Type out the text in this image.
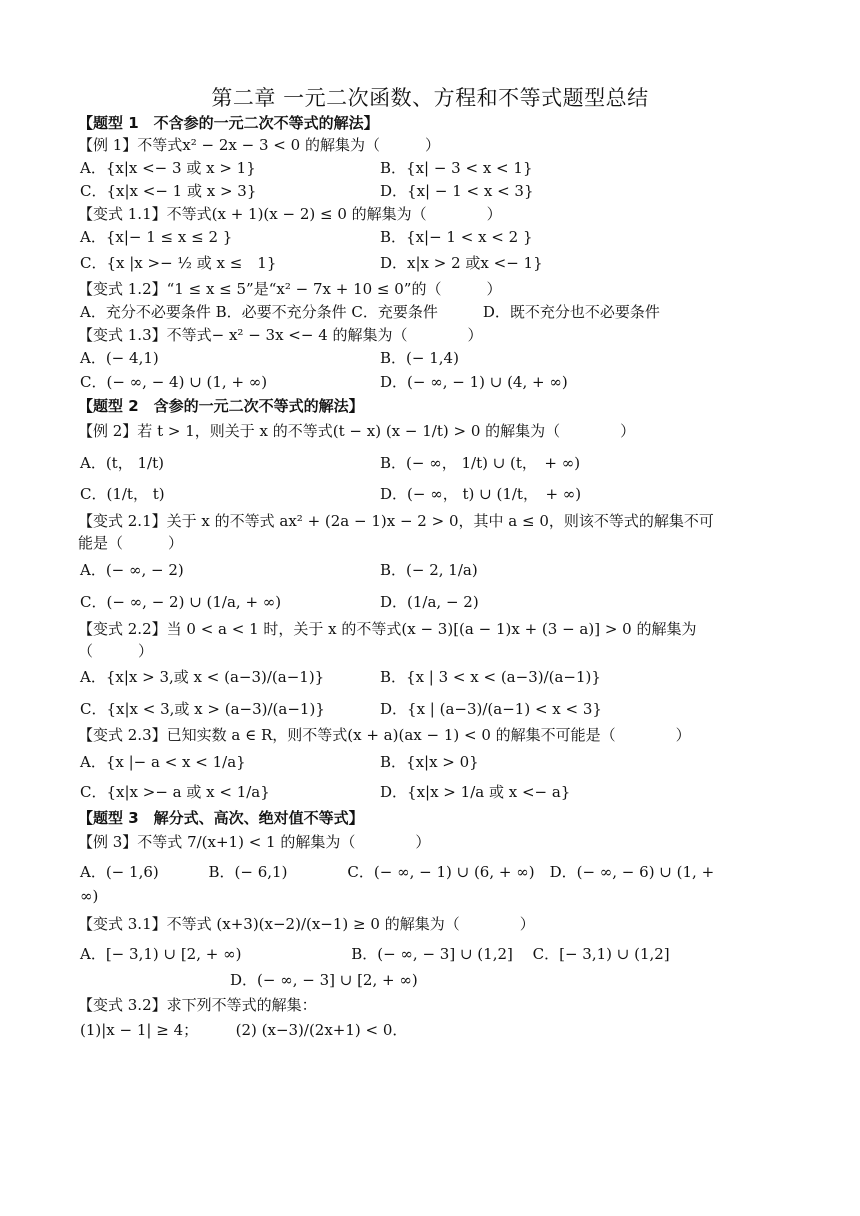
第二章 一元二次函数、方程和不等式题型总结
【题型 1　不含参的一元二次不等式的解法】
【例 1】不等式x² − 2x − 3 < 0 的解集为（　　　）
A．{x|x <− 3 或 x > 1}	B．{x| − 3 < x < 1}
C．{x|x <− 1 或 x > 3}	D．{x| − 1 < x < 3}
【变式 1.1】不等式(x + 1)(x − 2) ≤ 0 的解集为（　　　　）
A．{x|− 1 ≤ x ≤ 2 }	B．{x|− 1 < x < 2 }
C．{x |x >− ½ 或 x ≤　1}	D．x|x > 2 或x <− 1}
【变式 1.2】“1 ≤ x ≤ 5”是“x² − 7x + 10 ≤ 0”的（　　　）
A．充分不必要条件 B．必要不充分条件 C．充要条件　　　D．既不充分也不必要条件
【变式 1.3】不等式− x² − 3x <− 4 的解集为（　　　　）
A．(− 4,1)	B．(− 1,4)
C．(− ∞, − 4) ∪ (1, + ∞)	D．(− ∞, − 1) ∪ (4, + ∞)
【题型 2　含参的一元二次不等式的解法】
【例 2】若 t > 1，则关于 x 的不等式(t − x) (x − 1/t) > 0 的解集为（　　　　）
A．(t， 1/t)	B．(− ∞， 1/t) ∪ (t，　+ ∞)
C．(1/t， t)	D．(− ∞， t) ∪ (1/t，　+ ∞)
【变式 2.1】关于 x 的不等式 ax² + (2a − 1)x − 2 > 0，其中 a ≤ 0，则该不等式的解集不可
能是（　　　）
A．(− ∞, − 2)	B．(− 2, 1/a)
C．(− ∞, − 2) ∪ (1/a, + ∞)	D．(1/a, − 2)
【变式 2.2】当 0 < a < 1 时，关于 x 的不等式(x − 3)[(a − 1)x + (3 − a)] > 0 的解集为
（　　　）
A．{x|x > 3,或 x < (a−3)/(a−1)}	B．{x | 3 < x < (a−3)/(a−1)}
C．{x|x < 3,或 x > (a−3)/(a−1)}	D．{x | (a−3)/(a−1) < x < 3}
【变式 2.3】已知实数 a ∈ R，则不等式(x + a)(ax − 1) < 0 的解集不可能是（　　　　）
A．{x |− a < x < 1/a}	B．{x|x > 0}
C．{x|x >− a 或 x < 1/a}	D．{x|x > 1/a 或 x <− a}
【题型 3　解分式、高次、绝对值不等式】
【例 3】不等式 7/(x+1) < 1 的解集为（　　　　）
A．(− 1,6)　　　 B．(− 6,1)　　　　C．(− ∞, − 1) ∪ (6, + ∞)　D．(− ∞, − 6) ∪ (1, +
∞)
【变式 3.1】不等式 (x+3)(x−2)/(x−1) ≥ 0 的解集为（　　　　）
A．[− 3,1) ∪ [2, + ∞)　　　　　　　 B．(− ∞, − 3] ∪ (1,2]　 C．[− 3,1) ∪ (1,2]
D．(− ∞, − 3] ∪ [2, + ∞)
【变式 3.2】求下列不等式的解集：
(1)|x − 1| ≥ 4；　　　(2) (x−3)/(2x+1) < 0．
